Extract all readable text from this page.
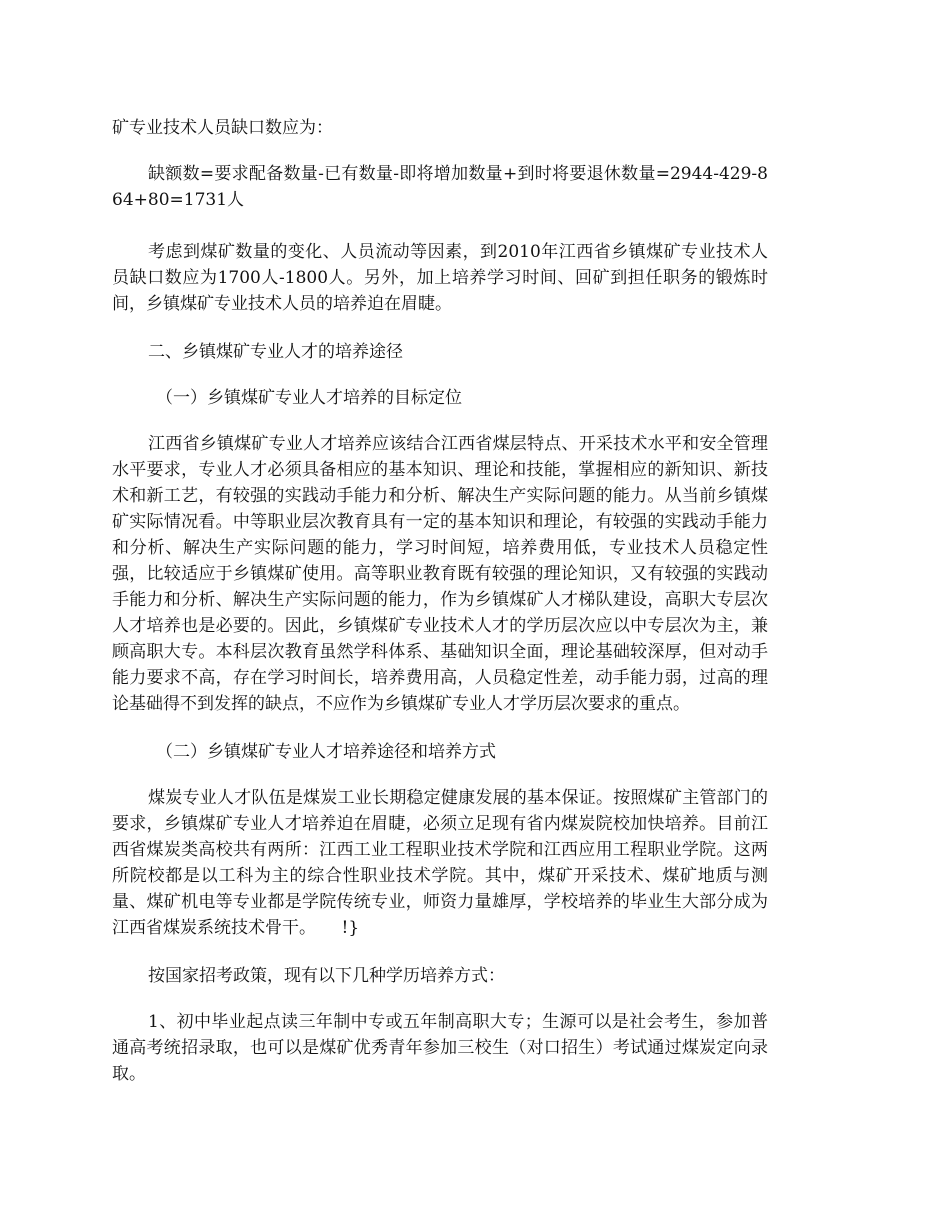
矿专业技术人员缺口数应为：

缺额数=要求配备数量-已有数量-即将增加数量+到时将要退休数量=2944-429-864+80=1731人

考虑到煤矿数量的变化、人员流动等因素，到2010年江西省乡镇煤矿专业技术人员缺口数应为1700人-1800人。另外，加上培养学习时间、回矿到担任职务的锻炼时间，乡镇煤矿专业技术人员的培养迫在眉睫。

二、乡镇煤矿专业人才的培养途径

（一）乡镇煤矿专业人才培养的目标定位

江西省乡镇煤矿专业人才培养应该结合江西省煤层特点、开采技术水平和安全管理水平要求，专业人才必须具备相应的基本知识、理论和技能，掌握相应的新知识、新技术和新工艺，有较强的实践动手能力和分析、解决生产实际问题的能力。从当前乡镇煤矿实际情况看。中等职业层次教育具有一定的基本知识和理论，有较强的实践动手能力和分析、解决生产实际问题的能力，学习时间短，培养费用低，专业技术人员稳定性强，比较适应于乡镇煤矿使用。高等职业教育既有较强的理论知识，又有较强的实践动手能力和分析、解决生产实际问题的能力，作为乡镇煤矿人才梯队建设，高职大专层次人才培养也是必要的。因此，乡镇煤矿专业技术人才的学历层次应以中专层次为主，兼顾高职大专。本科层次教育虽然学科体系、基础知识全面，理论基础较深厚，但对动手能力要求不高，存在学习时间长，培养费用高，人员稳定性差，动手能力弱，过高的理论基础得不到发挥的缺点，不应作为乡镇煤矿专业人才学历层次要求的重点。

（二）乡镇煤矿专业人才培养途径和培养方式

煤炭专业人才队伍是煤炭工业长期稳定健康发展的基本保证。按照煤矿主管部门的要求，乡镇煤矿专业人才培养迫在眉睫，必须立足现有省内煤炭院校加快培养。目前江西省煤炭类高校共有两所：江西工业工程职业技术学院和江西应用工程职业学院。这两所院校都是以工科为主的综合性职业技术学院。其中，煤矿开采技术、煤矿地质与测量、煤矿机电等专业都是学院传统专业，师资力量雄厚，学校培养的毕业生大部分成为江西省煤炭系统技术骨干。　　!}

按国家招考政策，现有以下几种学历培养方式：

1、初中毕业起点读三年制中专或五年制高职大专；生源可以是社会考生，参加普通高考统招录取，也可以是煤矿优秀青年参加三校生（对口招生）考试通过煤炭定向录取。
